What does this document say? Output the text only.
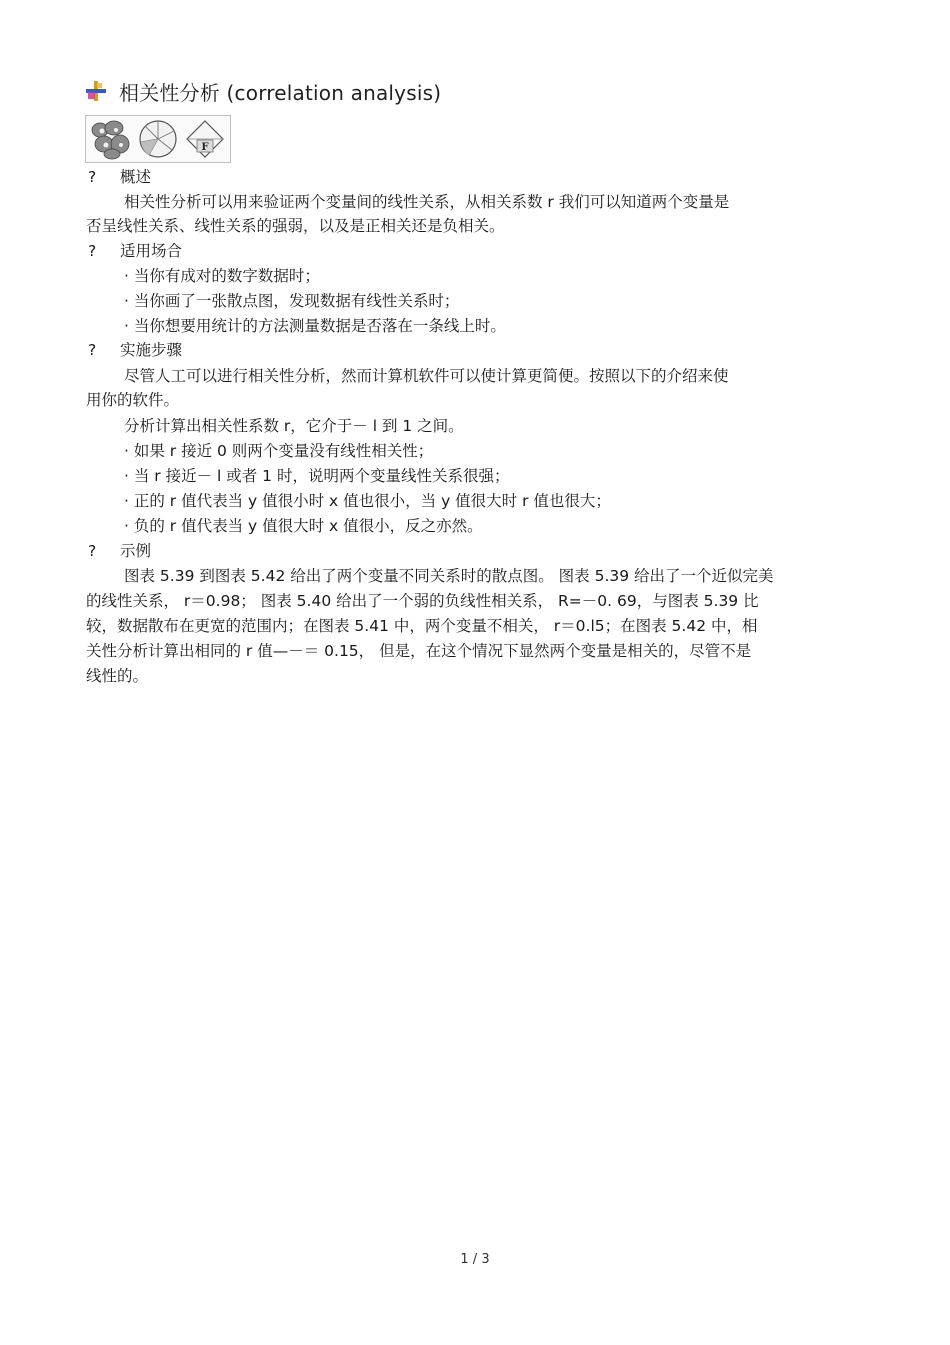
相关性分析 (correlation analysis)
F
? 概述
相关性分析可以用来验证两个变量间的线性关系，从相关系数 r 我们可以知道两个变量是
否呈线性关系、线性关系的强弱，以及是正相关还是负相关。
? 适用场合
· 当你有成对的数字数据时；
· 当你画了一张散点图，发现数据有线性关系时；
· 当你想要用统计的方法测量数据是否落在一条线上时。
? 实施步骤
尽管人工可以进行相关性分析，然而计算机软件可以使计算更简便。按照以下的介绍来使
用你的软件。
分析计算出相关性系数 r，它介于－ l 到 1 之间。
· 如果 r 接近 0 则两个变量没有线性相关性；
· 当 r 接近－ l 或者 1 时，说明两个变量线性关系很强；
· 正的 r 值代表当 y 值很小时 x 值也很小，当 y 值很大时 r 值也很大；
· 负的 r 值代表当 y 值很大时 x 值很小，反之亦然。
? 示例
图表 5.39 到图表 5.42 给出了两个变量不同关系时的散点图。 图表 5.39 给出了一个近似完美
的线性关系， r＝0.98； 图表 5.40 给出了一个弱的负线性相关系， R=－0. 69，与图表 5.39 比
较，数据散布在更宽的范围内；在图表 5.41 中，两个变量不相关， r＝0.l5；在图表 5.42 中，相
关性分析计算出相同的 r 值—－＝ 0.15， 但是，在这个情况下显然两个变量是相关的，尽管不是
线性的。
1 / 3
